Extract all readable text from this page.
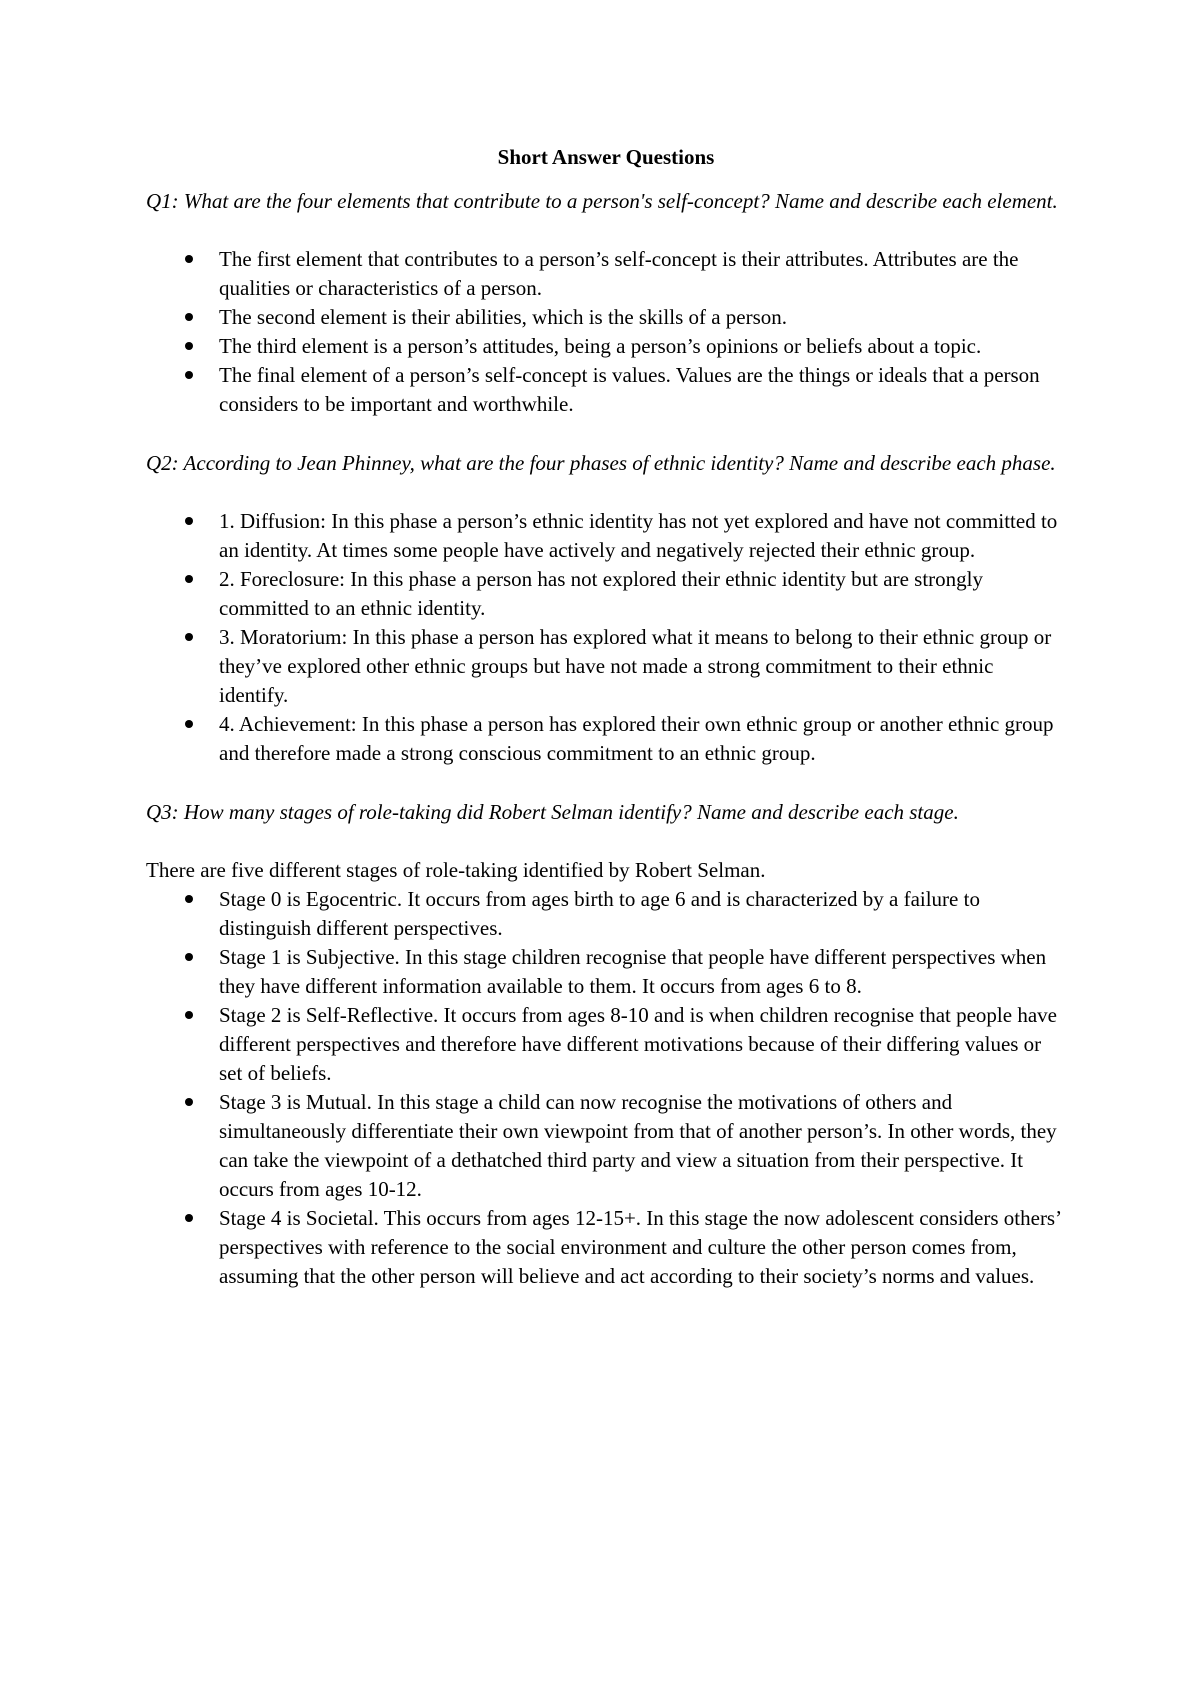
Short Answer Questions

Q1: What are the four elements that contribute to a person's self-concept? Name and describe each element.

The first element that contributes to a person’s self-concept is their attributes. Attributes are the qualities or characteristics of a person.
The second element is their abilities, which is the skills of a person.
The third element is a person’s attitudes, being a person’s opinions or beliefs about a topic.
The final element of a person’s self-concept is values. Values are the things or ideals that a person considers to be important and worthwhile.

Q2: According to Jean Phinney, what are the four phases of ethnic identity? Name and describe each phase.

1. Diffusion: In this phase a person’s ethnic identity has not yet explored and have not committed to an identity. At times some people have actively and negatively rejected their ethnic group.
2. Foreclosure: In this phase a person has not explored their ethnic identity but are strongly committed to an ethnic identity.
3. Moratorium: In this phase a person has explored what it means to belong to their ethnic group or they’ve explored other ethnic groups but have not made a strong commitment to their ethnic identify.
4. Achievement: In this phase a person has explored their own ethnic group or another ethnic group and therefore made a strong conscious commitment to an ethnic group.

Q3: How many stages of role-taking did Robert Selman identify? Name and describe each stage.

There are five different stages of role-taking identified by Robert Selman.

Stage 0 is Egocentric. It occurs from ages birth to age 6 and is characterized by a failure to distinguish different perspectives.
Stage 1 is Subjective. In this stage children recognise that people have different perspectives when they have different information available to them. It occurs from ages 6 to 8.
Stage 2 is Self-Reflective. It occurs from ages 8-10 and is when children recognise that people have different perspectives and therefore have different motivations because of their differing values or set of beliefs.
Stage 3 is Mutual. In this stage a child can now recognise the motivations of others and simultaneously differentiate their own viewpoint from that of another person’s. In other words, they can take the viewpoint of a dethatched third party and view a situation from their perspective. It occurs from ages 10-12.
Stage 4 is Societal. This occurs from ages 12-15+. In this stage the now adolescent considers others’ perspectives with reference to the social environment and culture the other person comes from, assuming that the other person will believe and act according to their society’s norms and values.
